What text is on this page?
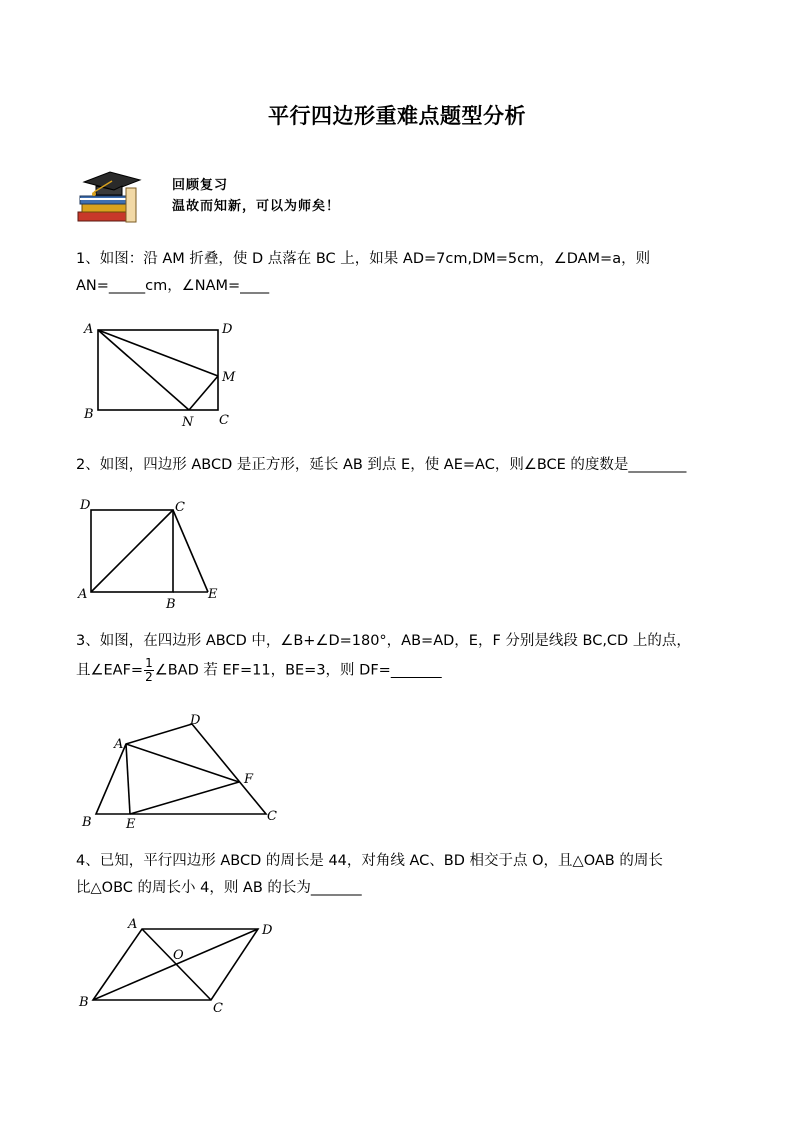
平行四边形重难点题型分析
回顾复习
温故而知新，可以为师矣！
1、如图：沿 AM 折叠，使 D 点落在 BC 上，如果 AD=7cm,DM=5cm，∠DAM=a，则
AN=_____cm，∠NAM=____
A	D
M
B
N C
2、如图，四边形 ABCD 是正方形，延长 AB 到点 E，使 AE=AC，则∠BCE 的度数是________
D	C
A
B
E
3、如图，在四边形 ABCD 中，∠B+∠D=180°，AB=AD，E，F 分别是线段 BC,CD 上的点，
且∠EAF= $\frac{1}{2}$ ∠BAD 若 EF=11，BE=3，则 DF=_______
A
D
F
B	E
C
4、已知，平行四边形 ABCD 的周长是 44，对角线 AC、BD 相交于点 O，且△OAB 的周长
比△OBC 的周长小 4，则 AB 的长为_______
A	D
O
B	C
